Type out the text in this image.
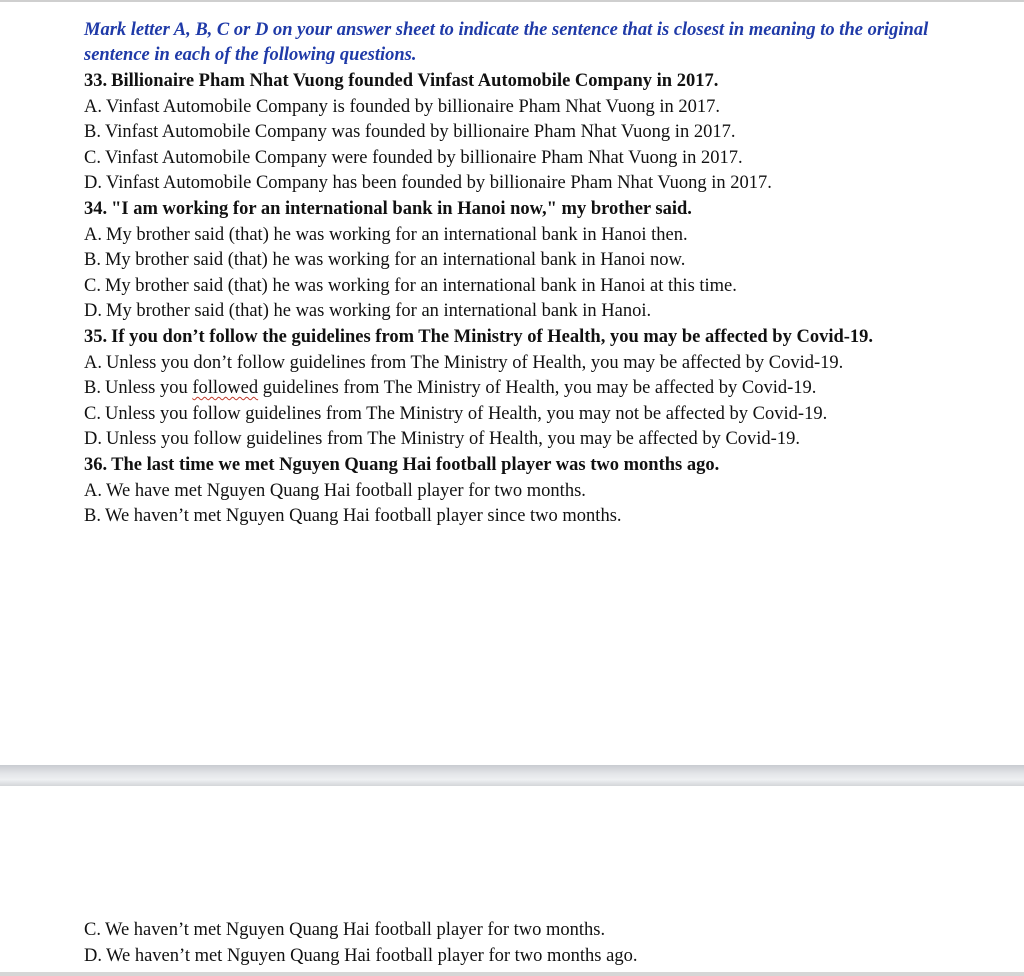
Mark letter A, B, C or D on your answer sheet to indicate the sentence that is closest in meaning to the original sentence in each of the following questions.

33. Billionaire Pham Nhat Vuong founded Vinfast Automobile Company in 2017.

A. Vinfast Automobile Company is founded by billionaire Pham Nhat Vuong in 2017.

B. Vinfast Automobile Company was founded by billionaire Pham Nhat Vuong in 2017.

C. Vinfast Automobile Company were founded by billionaire Pham Nhat Vuong in 2017.

D. Vinfast Automobile Company has been founded by billionaire Pham Nhat Vuong in 2017.

34. "I am working for an international bank in Hanoi now," my brother said.

A. My brother said (that) he was working for an international bank in Hanoi then.

B. My brother said (that) he was working for an international bank in Hanoi now.

C. My brother said (that) he was working for an international bank in Hanoi at this time.

D. My brother said (that) he was working for an international bank in Hanoi.

35. If you don’t follow the guidelines from The Ministry of Health, you may be affected by Covid-19.

A. Unless you don’t follow guidelines from The Ministry of Health, you may be affected by Covid-19.

B. Unless you followed guidelines from The Ministry of Health, you may be affected by Covid-19.

C. Unless you follow guidelines from The Ministry of Health, you may not be affected by Covid-19.

D. Unless you follow guidelines from The Ministry of Health, you may be affected by Covid-19.

36. The last time we met Nguyen Quang Hai football player was two months ago.

A. We have met Nguyen Quang Hai football player for two months.

B. We haven’t met Nguyen Quang Hai football player since two months.

C. We haven’t met Nguyen Quang Hai football player for two months.

D. We haven’t met Nguyen Quang Hai football player for two months ago.
